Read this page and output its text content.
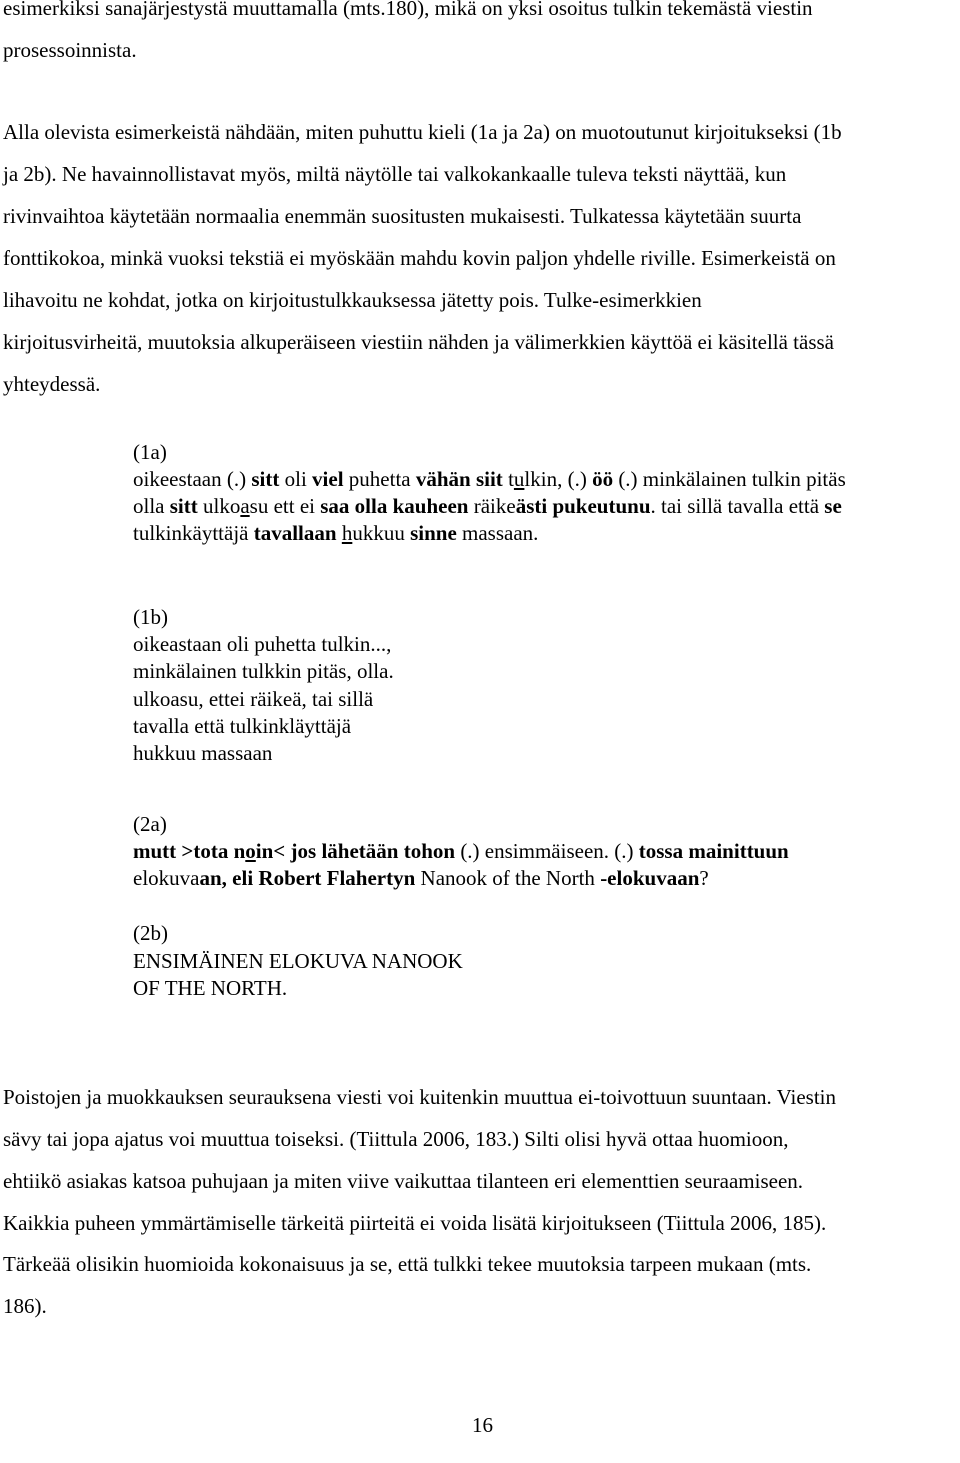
esimerkiksi sanajärjestystä muuttamalla (mts.180), mikä on yksi osoitus tulkin tekemästä viestin
prosessoinnista.
Alla olevista esimerkeistä nähdään, miten puhuttu kieli (1a ja 2a) on muotoutunut kirjoitukseksi (1b
ja 2b). Ne havainnollistavat myös, miltä näytölle tai valkokankaalle tuleva teksti näyttää, kun
rivinvaihtoa käytetään normaalia enemmän suositusten mukaisesti. Tulkatessa käytetään suurta
fonttikokoa, minkä vuoksi tekstiä ei myöskään mahdu kovin paljon yhdelle riville. Esimerkeistä on
lihavoitu ne kohdat, jotka on kirjoitustulkkauksessa jätetty pois. Tulke-esimerkkien
kirjoitusvirheitä, muutoksia alkuperäiseen viestiin nähden ja välimerkkien käyttöä ei käsitellä tässä
yhteydessä.
(1a)
oikeestaan (.) sitt oli viel puhetta vähän siit tulkin, (.) öö (.) minkälainen tulkin pitäs
olla sitt ulkoasu ett ei saa olla kauheen räikeästi pukeutunu. tai sillä tavalla että se
tulkinkäyttäjä tavallaan hukkuu sinne massaan.
(1b)
oikeastaan oli puhetta tulkin...,
minkälainen tulkkin pitäs, olla.
ulkoasu, ettei räikeä, tai sillä
tavalla että tulkinkläyttäjä
hukkuu massaan
(2a)
mutt >tota noin< jos lähetään tohon (.) ensimmäiseen. (.) tossa mainittuun
elokuvaan, eli Robert Flahertyn Nanook of the North -elokuvaan?
(2b)
ENSIMÄINEN ELOKUVA NANOOK
OF THE NORTH.
Poistojen ja muokkauksen seurauksena viesti voi kuitenkin muuttua ei-toivottuun suuntaan. Viestin
sävy tai jopa ajatus voi muuttua toiseksi. (Tiittula 2006, 183.) Silti olisi hyvä ottaa huomioon,
ehtiikö asiakas katsoa puhujaan ja miten viive vaikuttaa tilanteen eri elementtien seuraamiseen.
Kaikkia puheen ymmärtämiselle tärkeitä piirteitä ei voida lisätä kirjoitukseen (Tiittula 2006, 185).
Tärkeää olisikin huomioida kokonaisuus ja se, että tulkki tekee muutoksia tarpeen mukaan (mts.
186).
16
